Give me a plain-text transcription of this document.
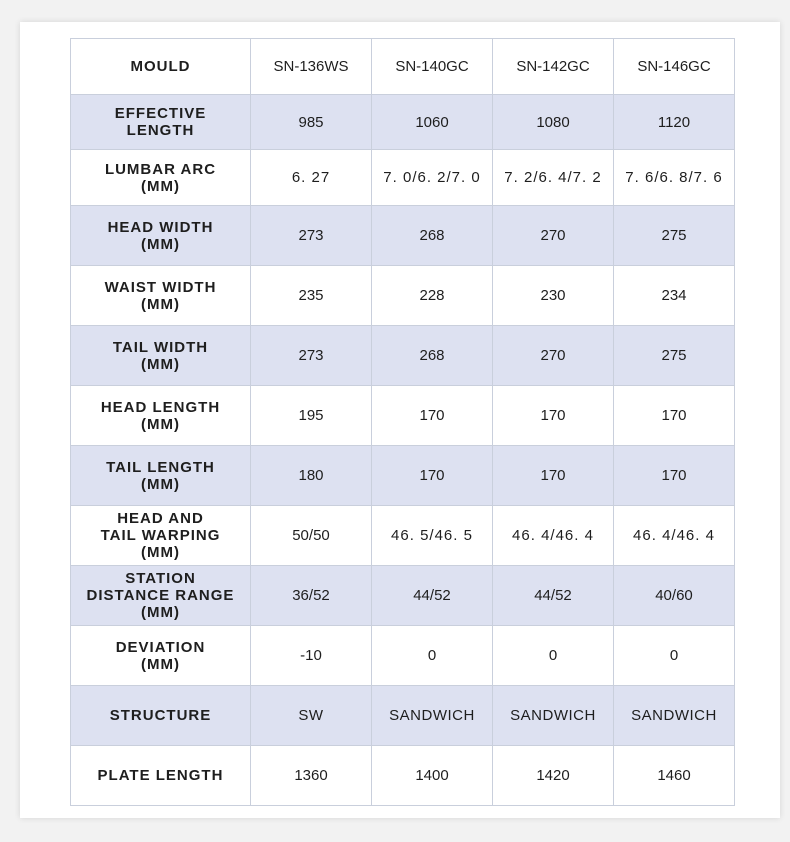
MOULD	SN-136WS	SN-140GC	SN-142GC	SN-146GC

EFFECTIVE
LENGTH	985	1060	1080	1120

LUMBAR ARC
(MM)	6. 27	7. 0/6. 2/7. 0	7. 2/6. 4/7. 2	7. 6/6. 8/7. 6

HEAD WIDTH
(MM)	273	268	270	275

WAIST WIDTH
(MM)	235	228	230	234

TAIL WIDTH
(MM)	273	268	270	275

HEAD LENGTH
(MM)	195	170	170	170

TAIL LENGTH
(MM)	180	170	170	170

HEAD AND
TAIL WARPING
(MM)	50/50	46. 5/46. 5	46. 4/46. 4	46. 4/46. 4

STATION
DISTANCE RANGE
(MM)	36/52	44/52	44/52	40/60

DEVIATION
(MM)	-10	0	0	0

STRUCTURE	SW	SANDWICH	SANDWICH	SANDWICH

PLATE LENGTH	1360	1400	1420	1460
